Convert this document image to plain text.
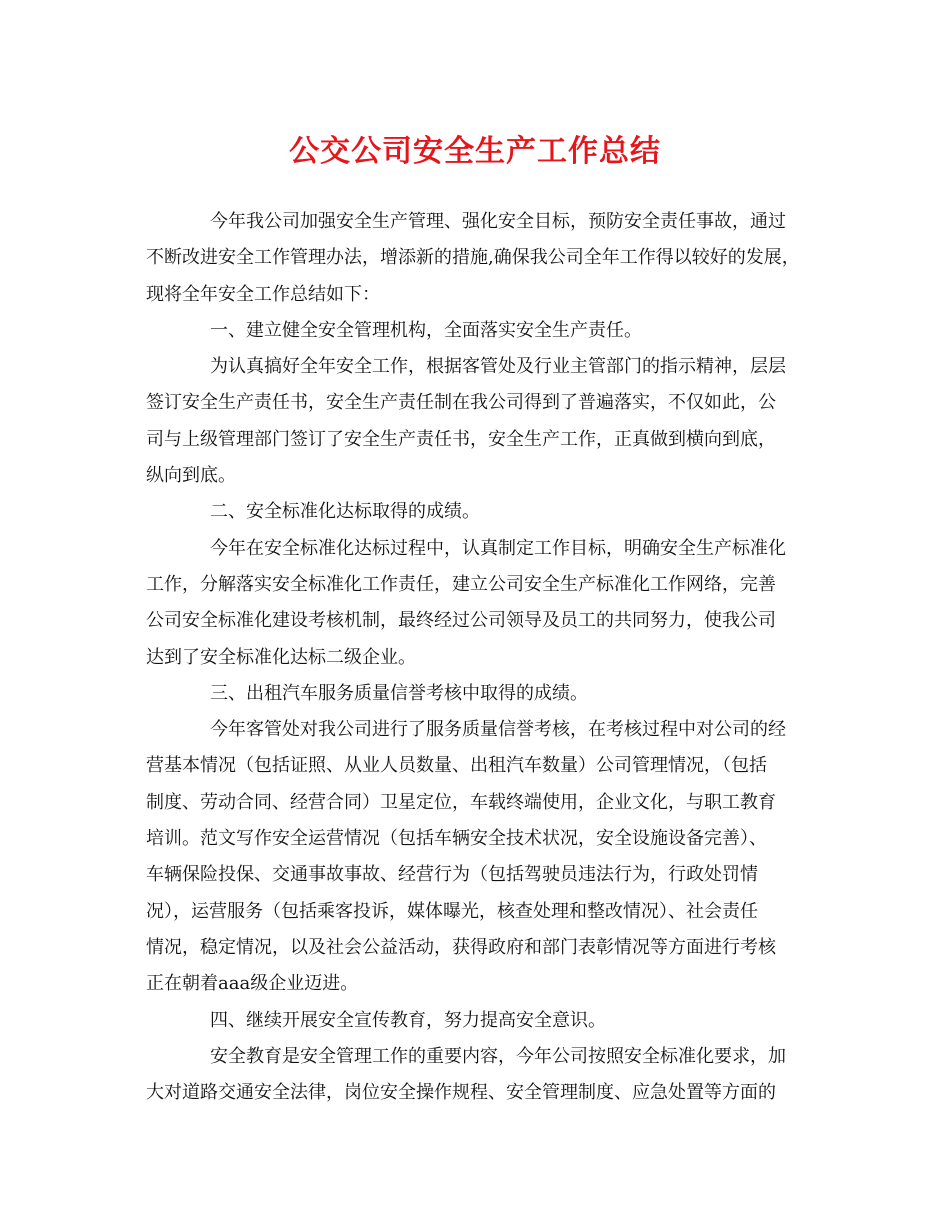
公交公司安全生产工作总结
今年我公司加强安全生产管理、强化安全目标，预防安全责任事故，通过
不断改进安全工作管理办法，增添新的措施,确保我公司全年工作得以较好的发展，
现将全年安全工作总结如下：
一、建立健全安全管理机构，全面落实安全生产责任。
为认真搞好全年安全工作，根据客管处及行业主管部门的指示精神，层层
签订安全生产责任书，安全生产责任制在我公司得到了普遍落实，不仅如此，公
司与上级管理部门签订了安全生产责任书，安全生产工作，正真做到横向到底，
纵向到底。
二、安全标准化达标取得的成绩。
今年在安全标准化达标过程中，认真制定工作目标，明确安全生产标准化
工作，分解落实安全标准化工作责任，建立公司安全生产标准化工作网络，完善
公司安全标准化建设考核机制，最终经过公司领导及员工的共同努力，使我公司
达到了安全标准化达标二级企业。
三、出租汽车服务质量信誉考核中取得的成绩。
今年客管处对我公司进行了服务质量信誉考核，在考核过程中对公司的经
营基本情况（包括证照、从业人员数量、出租汽车数量）公司管理情况，（包括
制度、劳动合同、经营合同）卫星定位，车载终端使用，企业文化，与职工教育
培训。范文写作安全运营情况（包括车辆安全技术状况，安全设施设备完善）、
车辆保险投保、交通事故事故、经营行为（包括驾驶员违法行为，行政处罚情
况），运营服务（包括乘客投诉，媒体曝光，核查处理和整改情况）、社会责任
情况，稳定情况，以及社会公益活动，获得政府和部门表彰情况等方面进行考核
正在朝着aaa级企业迈进。
四、继续开展安全宣传教育，努力提高安全意识。
安全教育是安全管理工作的重要内容，今年公司按照安全标准化要求，加
大对道路交通安全法律，岗位安全操作规程、安全管理制度、应急处置等方面的
